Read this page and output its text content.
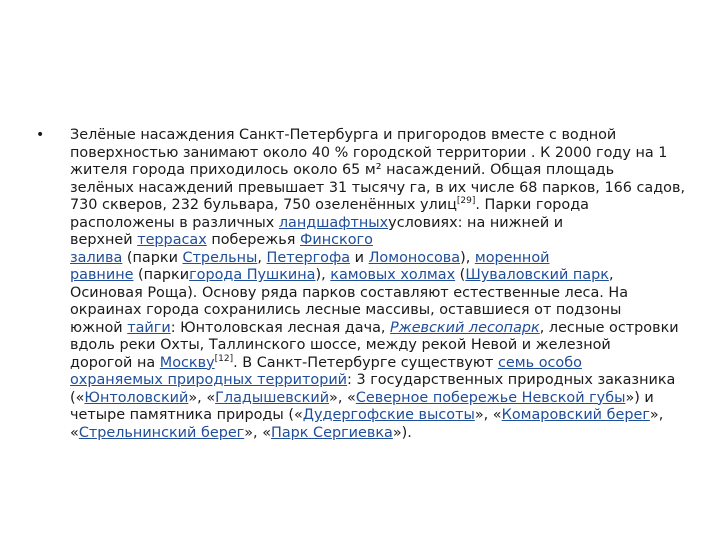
• Зелёные насаждения Санкт-Петербурга и пригородов вместе с водной
поверхностью занимают около 40 % городской территории . К 2000 году на 1
жителя города приходилось около 65 м² насаждений. Общая площадь
зелёных насаждений превышает 31 тысячу га, в их числе 68 парков, 166 садов,
730 скверов, 232 бульвара, 750 озеленённых улиц[29]. Парки города
расположены в различных ландшафтныхусловиях: на нижней и
верхней террасах побережья Финского
залива (парки Стрельны, Петергофа и Ломоносова), моренной
равнине (паркигорода Пушкина), камовых холмах (Шуваловский парк,
Осиновая Роща). Основу ряда парков составляют естественные леса. На
окраинах города сохранились лесные массивы, оставшиеся от подзоны
южной тайги: Юнтоловская лесная дача, Ржевский лесопарк, лесные островки
вдоль реки Охты, Таллинского шоссе, между рекой Невой и железной
дорогой на Москву[12]. В Санкт-Петербурге существуют семь особо
охраняемых природных территорий: 3 государственных природных заказника
(«Юнтоловский», «Гладышевский», «Северное побережье Невской губы») и
четыре памятника природы («Дудергофские высоты», «Комаровский берег»,
«Стрельнинский берег», «Парк Сергиевка»).
